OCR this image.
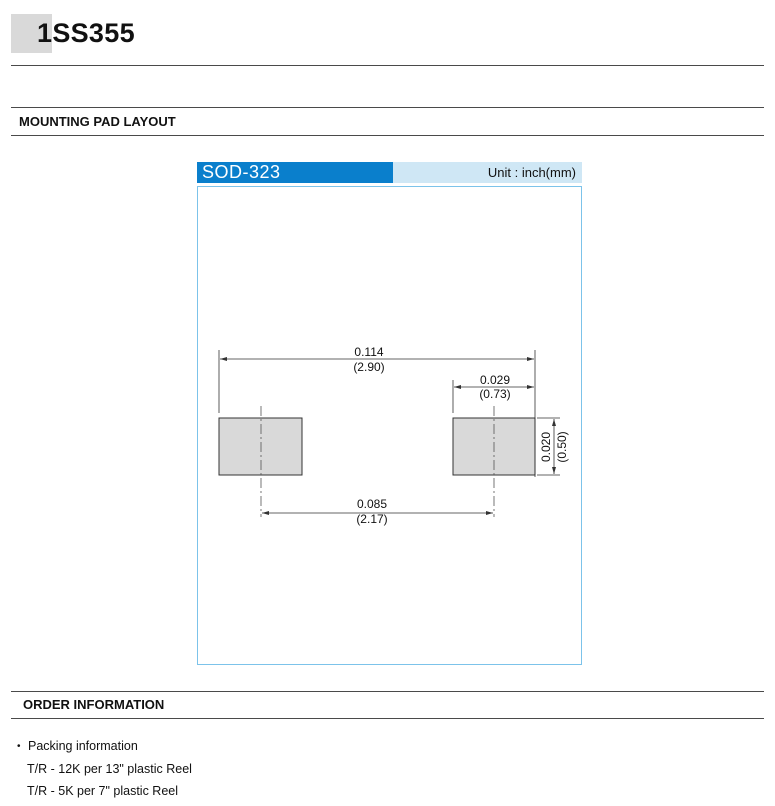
1SS355
MOUNTING PAD LAYOUT
SOD-323	Unit : inch(mm)
0.114
(2.90)
0.029
(0.73)
0.020 (0.50)
0.085
(2.17)
ORDER INFORMATION
• Packing information
T/R - 12K per 13" plastic Reel
T/R - 5K per 7" plastic Reel
